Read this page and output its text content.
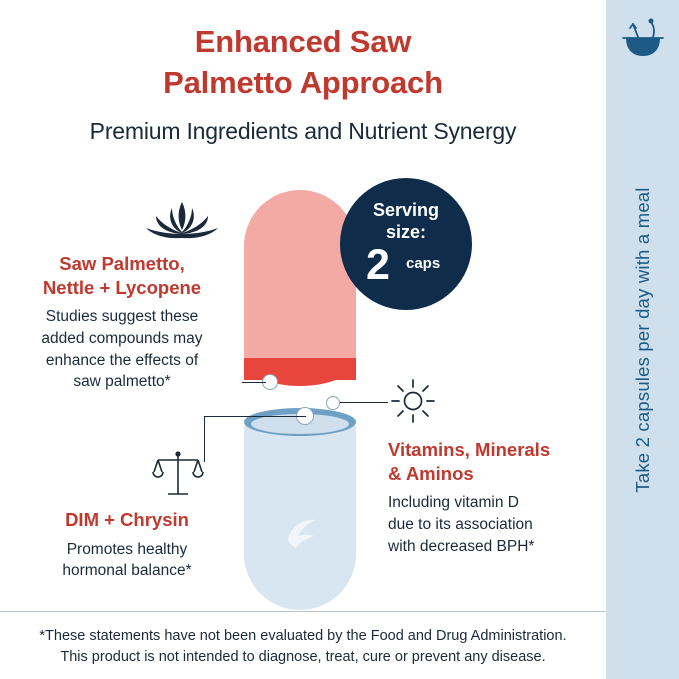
Enhanced Saw
Palmetto Approach
Premium Ingredients and Nutrient Synergy
Serving
size:
2 caps
Saw Palmetto,
Nettle + Lycopene
Studies suggest these
added compounds may
enhance the effects of
saw palmetto*
DIM + Chrysin
Promotes healthy
hormonal balance*
Vitamins, Minerals
& Aminos
Including vitamin D
due to its association
with decreased BPH*
*These statements have not been evaluated by the Food and Drug Administration.
This product is not intended to diagnose, treat, cure or prevent any disease.
Take 2 capsules per day with a meal
